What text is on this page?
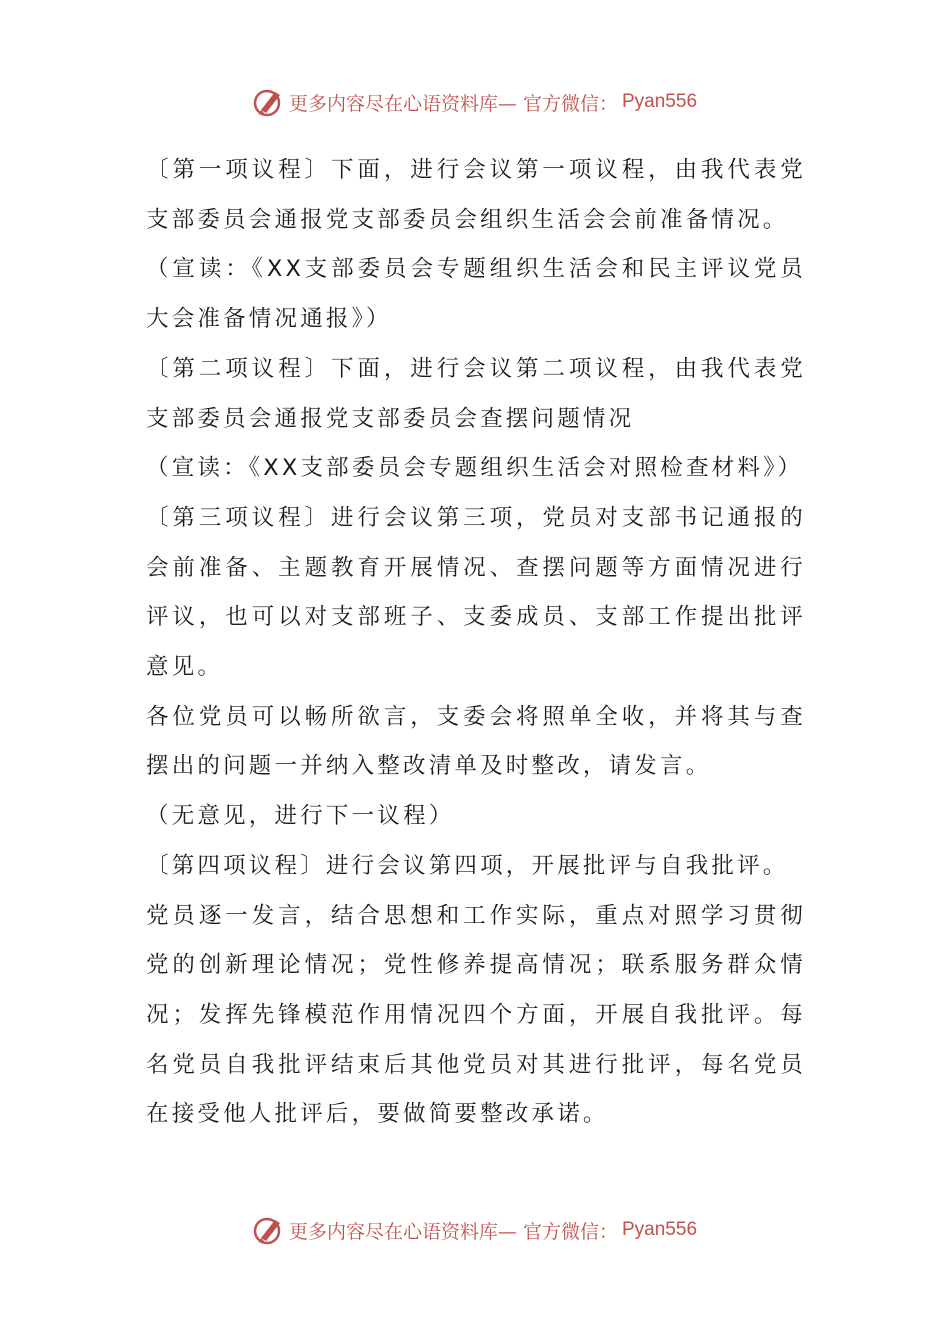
更多内容尽在心语资料库— 官方微信： Pyan556

〔第一项议程〕下面，进行会议第一项议程，由我代表党支部委员会通报党支部委员会组织生活会会前准备情况。

（宣读：《XX支部委员会专题组织生活会和民主评议党员大会准备情况通报》）

〔第二项议程〕下面，进行会议第二项议程，由我代表党支部委员会通报党支部委员会查摆问题情况

（宣读：《XX支部委员会专题组织生活会对照检查材料》）

〔第三项议程〕进行会议第三项，党员对支部书记通报的会前准备、主题教育开展情况、查摆问题等方面情况进行评议，也可以对支部班子、支委成员、支部工作提出批评意见。

各位党员可以畅所欲言，支委会将照单全收，并将其与查摆出的问题一并纳入整改清单及时整改，请发言。

（无意见，进行下一议程）

〔第四项议程〕进行会议第四项，开展批评与自我批评。

党员逐一发言，结合思想和工作实际，重点对照学习贯彻党的创新理论情况；党性修养提高情况；联系服务群众情况；发挥先锋模范作用情况四个方面，开展自我批评。每名党员自我批评结束后其他党员对其进行批评，每名党员在接受他人批评后，要做简要整改承诺。

更多内容尽在心语资料库— 官方微信： Pyan556
